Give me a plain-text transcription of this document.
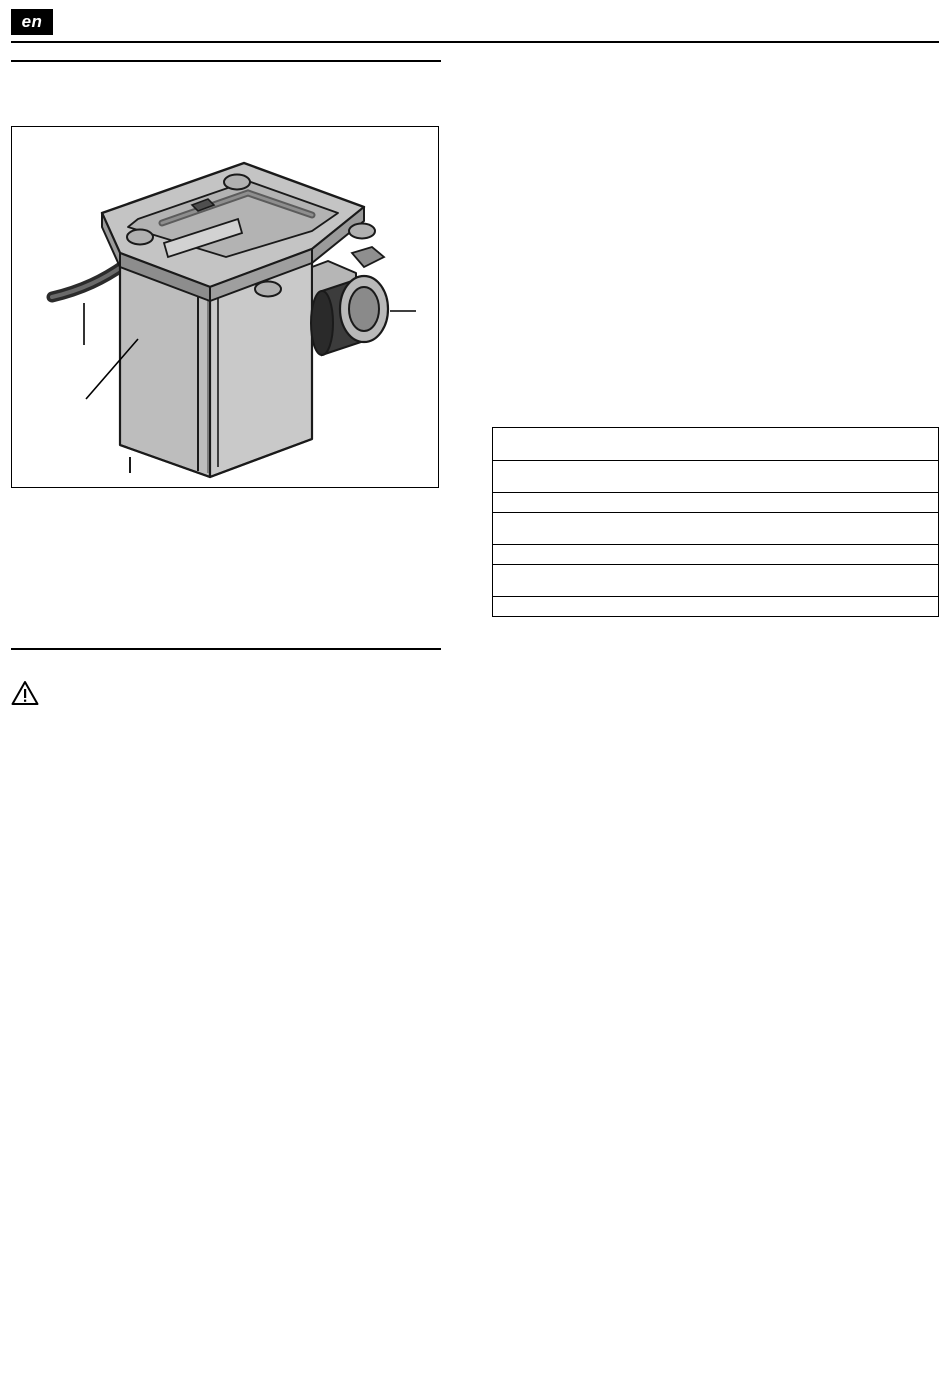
en
